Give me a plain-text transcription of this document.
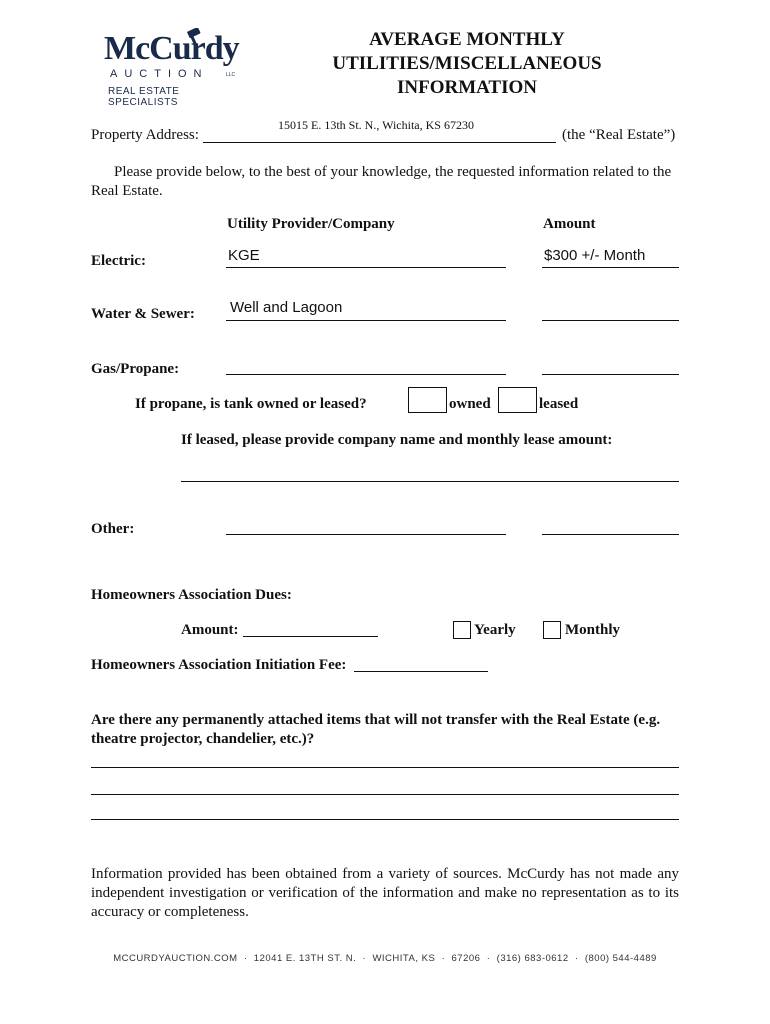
McCurdy
AUCTION	LLC
REAL ESTATE SPECIALISTS
AVERAGE MONTHLY
UTILITIES/MISCELLANEOUS
INFORMATION
Property Address:
15015 E. 13th St. N., Wichita, KS 67230
(the “Real Estate”)
Please provide below, to the best of your knowledge, the requested information related to the Real Estate.
Utility Provider/Company	Amount
Electric:	KGE	$300 +/- Month
Water & Sewer: Well and Lagoon
Gas/Propane:
If propane, is tank owned or leased?	owned	leased
If leased, please provide company name and monthly lease amount:
Other:
Homeowners Association Dues:
Amount:	Yearly	Monthly
Homeowners Association Initiation Fee:
Are there any permanently attached items that will not transfer with the Real Estate (e.g. theatre projector, chandelier, etc.)?
Information provided has been obtained from a variety of sources. McCurdy has not made any independent investigation or verification of the information and make no representation as to its accuracy or completeness.
MCCURDYAUCTION.COM  ·  12041 E. 13TH ST. N.  ·  WICHITA, KS  ·  67206  ·  (316) 683-0612  ·  (800) 544-4489
